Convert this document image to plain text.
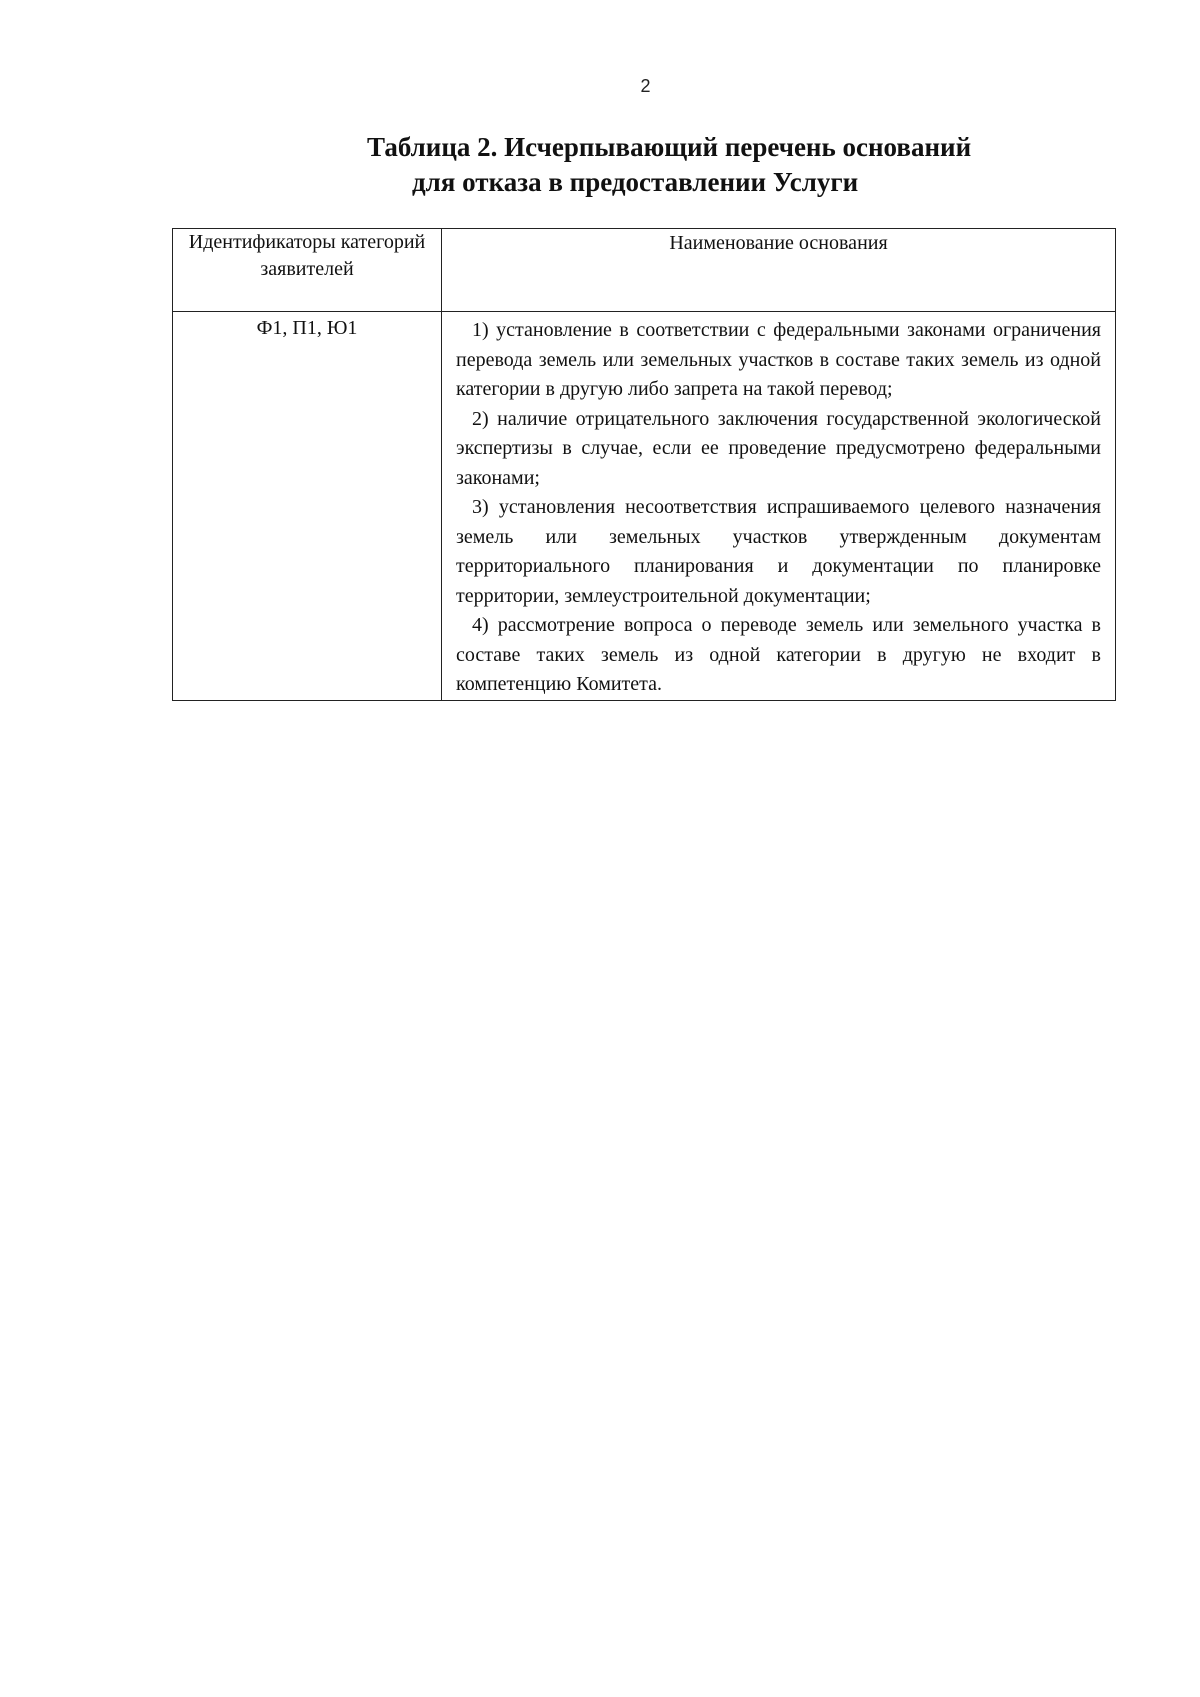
2
Таблица 2. Исчерпывающий перечень оснований
для отказа в предоставлении Услуги
Идентификаторы категорий заявителей	Наименование основания
Ф1, П1, Ю1	1) установление в соответствии с федеральными законами ограничения перевода земель или земельных участков в составе таких земель из одной категории в другую либо запрета на такой перевод;

2) наличие отрицательного заключения государственной экологической экспертизы в случае, если ее проведение предусмотрено федеральными законами;

3) установления несоответствия испрашиваемого целевого назначения земель или земельных участков утвержденным документам территориального планирования и документации по планировке территории, землеустроительной документации;

4) рассмотрение вопроса о переводе земель или земельного участка в составе таких земель из одной категории в другую не входит в компетенцию Комитета.
